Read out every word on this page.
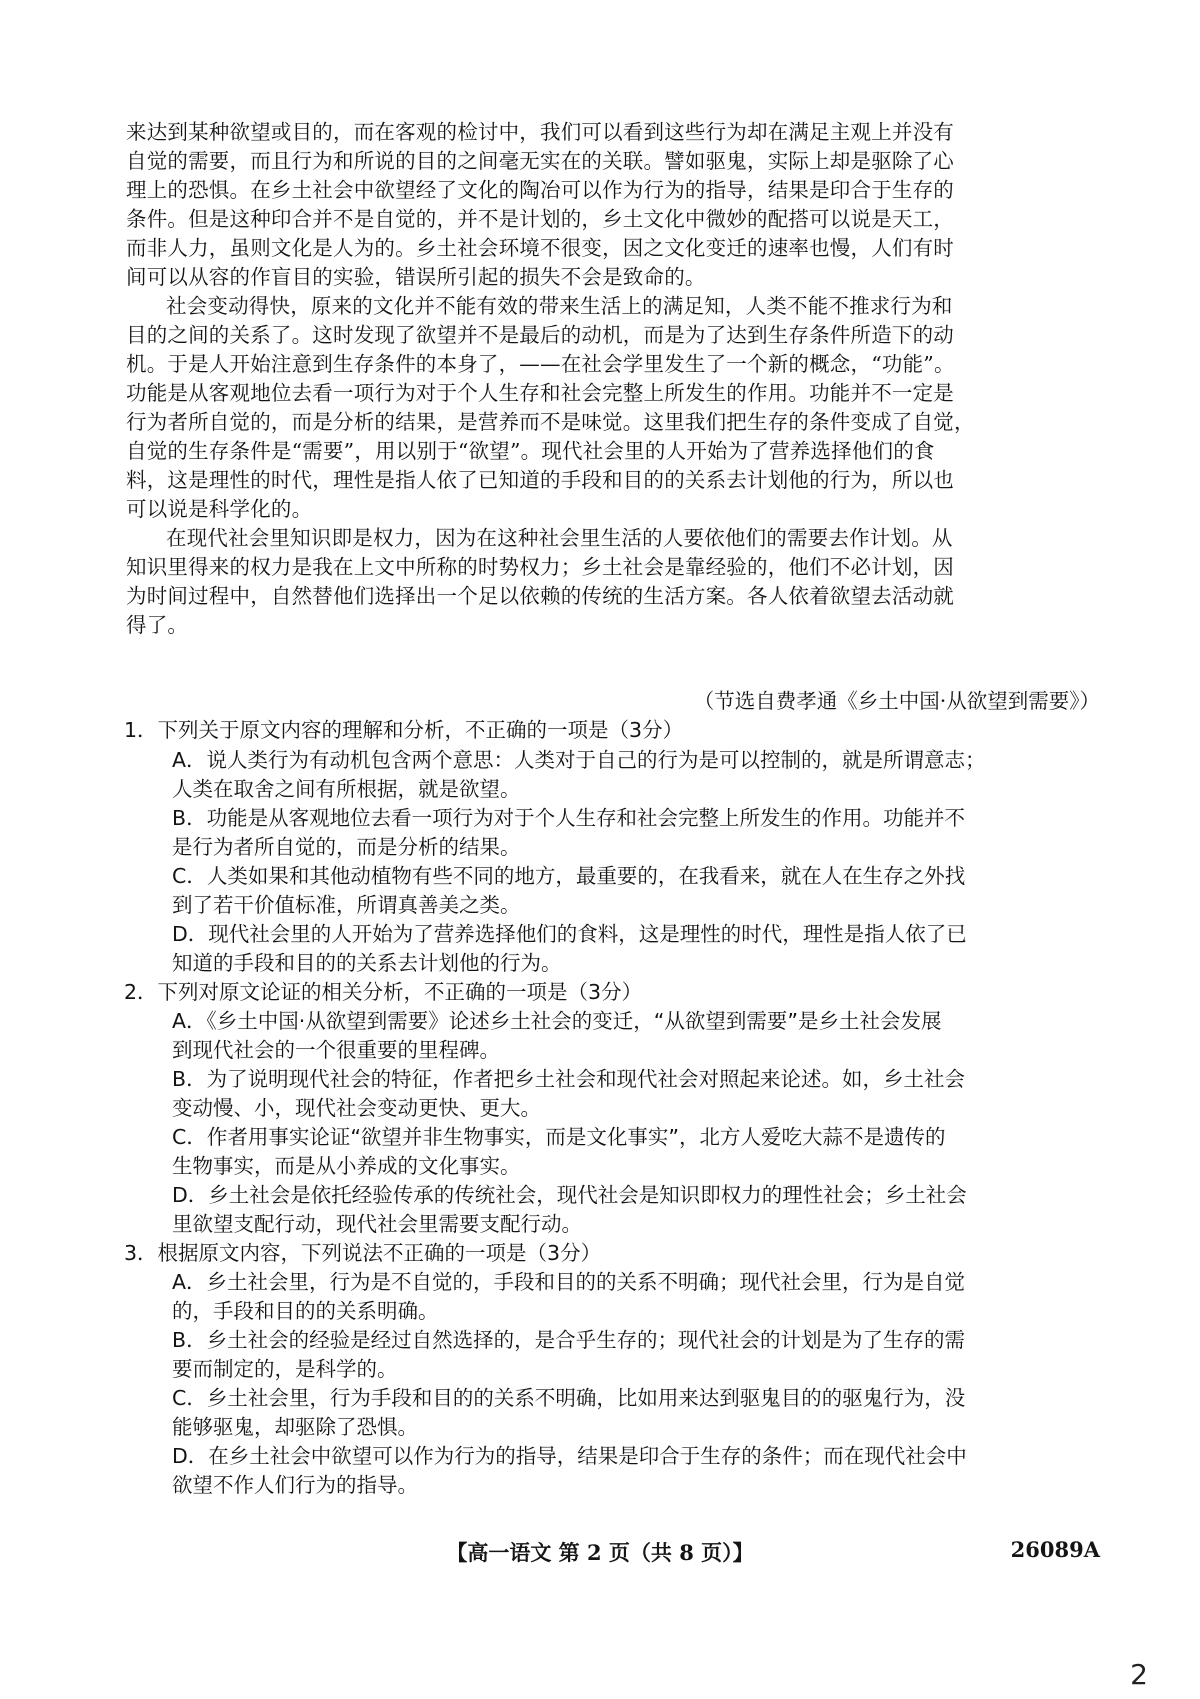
来达到某种欲望或目的，而在客观的检讨中，我们可以看到这些行为却在满足主观上并没有
自觉的需要，而且行为和所说的目的之间毫无实在的关联。譬如驱鬼，实际上却是驱除了心
理上的恐惧。在乡土社会中欲望经了文化的陶冶可以作为行为的指导，结果是印合于生存的
条件。但是这种印合并不是自觉的，并不是计划的，乡土文化中微妙的配搭可以说是天工，
而非人力，虽则文化是人为的。乡土社会环境不很变，因之文化变迁的速率也慢，人们有时
间可以从容的作盲目的实验，错误所引起的损失不会是致命的。
社会变动得快，原来的文化并不能有效的带来生活上的满足知，人类不能不推求行为和
目的之间的关系了。这时发现了欲望并不是最后的动机，而是为了达到生存条件所造下的动
机。于是人开始注意到生存条件的本身了，——在社会学里发生了一个新的概念，“功能”。
功能是从客观地位去看一项行为对于个人生存和社会完整上所发生的作用。功能并不一定是
行为者所自觉的，而是分析的结果，是营养而不是味觉。这里我们把生存的条件变成了自觉，
自觉的生存条件是“需要”，用以别于“欲望”。现代社会里的人开始为了营养选择他们的食
料，这是理性的时代，理性是指人依了已知道的手段和目的的关系去计划他的行为，所以也
可以说是科学化的。
在现代社会里知识即是权力，因为在这种社会里生活的人要依他们的需要去作计划。从
知识里得来的权力是我在上文中所称的时势权力；乡土社会是靠经验的，他们不必计划，因
为时间过程中，自然替他们选择出一个足以依赖的传统的生活方案。各人依着欲望去活动就
得了。
（节选自费孝通《乡土中国·从欲望到需要》）
1．下列关于原文内容的理解和分析，不正确的一项是（3分）
A．说人类行为有动机包含两个意思：人类对于自己的行为是可以控制的，就是所谓意志；
人类在取舍之间有所根据，就是欲望。
B．功能是从客观地位去看一项行为对于个人生存和社会完整上所发生的作用。功能并不
是行为者所自觉的，而是分析的结果。
C．人类如果和其他动植物有些不同的地方，最重要的，在我看来，就在人在生存之外找
到了若干价值标准，所谓真善美之类。
D．现代社会里的人开始为了营养选择他们的食料，这是理性的时代，理性是指人依了已
知道的手段和目的的关系去计划他的行为。
2．下列对原文论证的相关分析，不正确的一项是（3分）
A．《乡土中国·从欲望到需要》论述乡土社会的变迁，“从欲望到需要”是乡土社会发展
到现代社会的一个很重要的里程碑。
B．为了说明现代社会的特征，作者把乡土社会和现代社会对照起来论述。如，乡土社会
变动慢、小，现代社会变动更快、更大。
C．作者用事实论证“欲望并非生物事实，而是文化事实”，北方人爱吃大蒜不是遗传的
生物事实，而是从小养成的文化事实。
D．乡土社会是依托经验传承的传统社会，现代社会是知识即权力的理性社会；乡土社会
里欲望支配行动，现代社会里需要支配行动。
3．根据原文内容，下列说法不正确的一项是（3分）
A．乡土社会里，行为是不自觉的，手段和目的的关系不明确；现代社会里，行为是自觉
的，手段和目的的关系明确。
B．乡土社会的经验是经过自然选择的，是合乎生存的；现代社会的计划是为了生存的需
要而制定的，是科学的。
C．乡土社会里，行为手段和目的的关系不明确，比如用来达到驱鬼目的的驱鬼行为，没
能够驱鬼，却驱除了恐惧。
D．在乡土社会中欲望可以作为行为的指导，结果是印合于生存的条件；而在现代社会中
欲望不作人们行为的指导。
【高一语文 第 2 页（共 8 页）】	26089A
2
